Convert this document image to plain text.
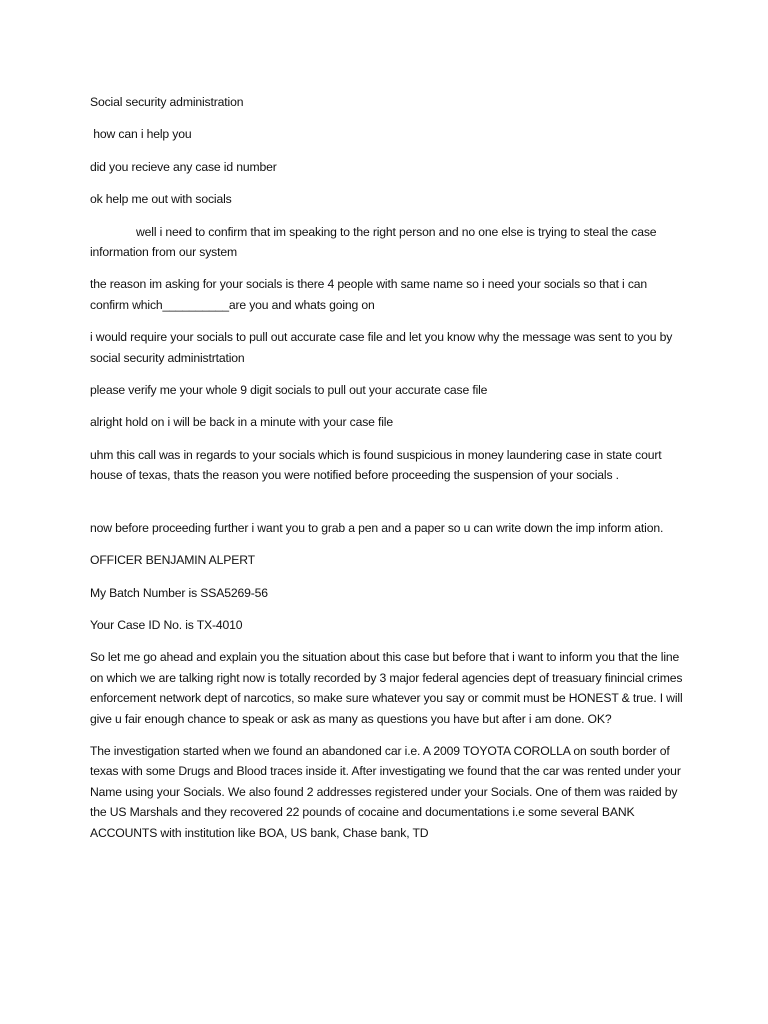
Social security administration

how can i help you

did you recieve any case id number

ok help me out with socials

well i need to confirm that im speaking to the right person and no one else is trying to steal the case information from our system

the reason im asking for your socials is there 4 people with same name so i need your socials so that i can confirm which__________are you and whats going on

i would require your socials to pull out accurate case file and let you know why the message was sent to you by social security administrtation

please verify me your whole 9 digit socials to pull out your accurate case file

alright hold on i will be back in a minute with your case file

uhm this call was in regards to your socials which is found suspicious in money laundering case in state court house of texas, thats the reason you were notified before proceeding the suspension of your socials .

now before proceeding further i want you to grab a pen and a paper so u can write down the imp inform ation.

OFFICER BENJAMIN ALPERT

My Batch Number is SSA5269-56

Your Case ID No. is TX-4010

So let me go ahead and explain you the situation about this case but before that i want to inform you that the line on which we are talking right now is totally recorded by 3 major federal agencies dept of treasuary finincial crimes enforcement network dept of narcotics, so make sure whatever you say or commit must be HONEST & true. I will give u fair enough chance to speak or ask as many as questions you have but after i am done. OK?

The investigation started when we found an abandoned car i.e. A 2009 TOYOTA COROLLA on south border of texas with some Drugs and Blood traces inside it. After investigating we found that the car was rented under your Name using your Socials. We also found 2 addresses registered under your Socials. One of them was raided by the US Marshals and they recovered 22 pounds of cocaine and documentations i.e some several BANK ACCOUNTS with institution like BOA, US bank, Chase bank, TD
